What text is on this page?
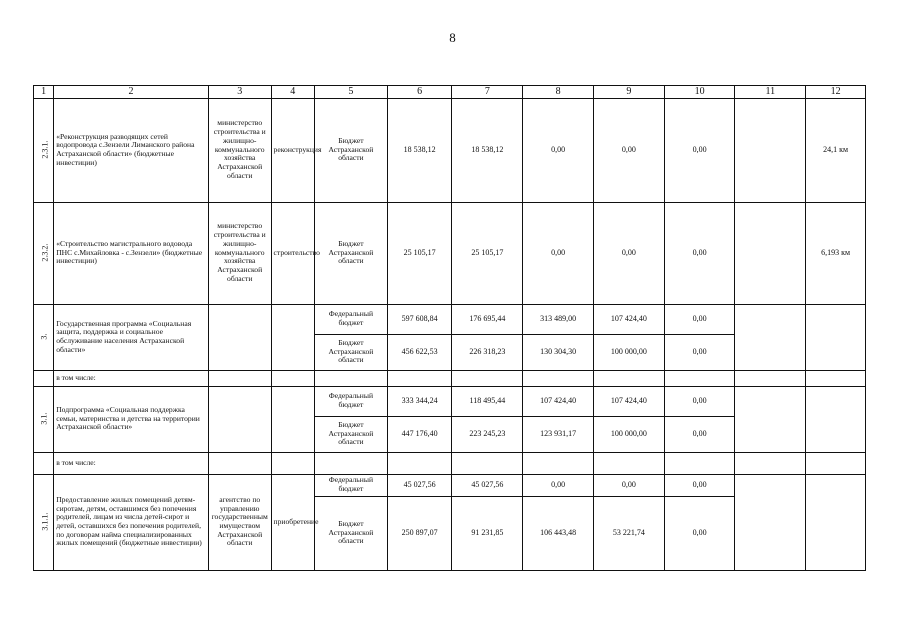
8
1	2	3	4	5	6	7	8	9	10	11	12
2.3.1.	«Реконструкция разводящих сетей водопровода с.Зензели Лиманского района Астраханской области» (бюджетные инвестиции)	министерство строительства и жилищно-коммунального хозяйства Астраханской области	реконструкция	Бюджет Астраханской области	18 538,12	18 538,12	0,00	0,00	0,00		24,1 км
2.3.2.	«Строительство магистрального водовода ПНС с.Михайловка - с.Зензели» (бюджетные инвестиции)	министерство строительства и жилищно-коммунального хозяйства Астраханской области	строительство	Бюджет Астраханской области	25 105,17	25 105,17	0,00	0,00	0,00		6,193 км
3.	Государственная программа «Социальная защита, поддержка и социальное обслуживание населения Астраханской области»			Федеральный бюджет	597 608,84	176 695,44	313 489,00	107 424,40	0,00		
				Бюджет Астраханской области	456 622,53	226 318,23	130 304,30	100 000,00	0,00		
	в том числе:										
3.1.	Подпрограмма «Социальная поддержка семьи, материнства и детства на территории Астраханской области»			Федеральный бюджет	333 344,24	118 495,44	107 424,40	107 424,40	0,00		
				Бюджет Астраханской области	447 176,40	223 245,23	123 931,17	100 000,00	0,00		
	в том числе:										
3.1.1.	Предоставление жилых помещений детям-сиротам, детям, оставшимся без попечения родителей, лицам из числа детей-сирот и детей, оставшихся без попечения родителей, по договорам найма специализированных жилых помещений (бюджетные инвестиции)	агентство по управлению государственным имуществом Астраханской области	приобретение	Федеральный бюджет	45 027,56	45 027,56	0,00	0,00	0,00		
				Бюджет Астраханской области	250 897,07	91 231,85	106 443,48	53 221,74	0,00		
